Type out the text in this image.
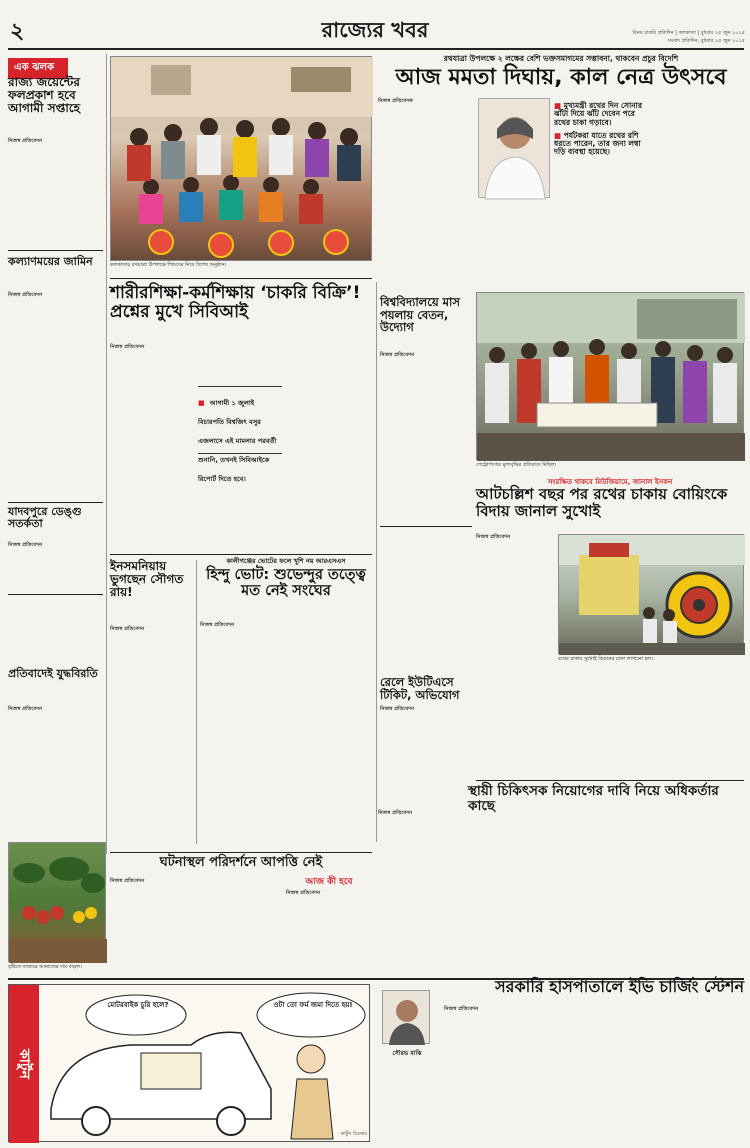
২	রাজ্যের খবর	বিনয় চাকরি প্রতিদিন | কলকাতা | বুধবার ২৫ জুন ২০২৫
সংবাদ প্রতিদিন, বুধবার ২৫ জুন ২০২৫
এক ঝলক
রাজ্য জয়েন্টের ফলপ্রকাশ হবে আগামী সপ্তাহে
নিজস্ব প্রতিবেদন
কল্যাণময়ের জামিন
নিজস্ব প্রতিবেদন
যাদবপুরে ডেঙ্গু সতর্কতা
নিজস্ব প্রতিবেদন
প্রতিবাদেই যুদ্ধবিরতি
নিজস্ব প্রতিবেদন
কলকাতার রথযাত্রা উপলক্ষে শিশুদের নিয়ে বিশেষ অনুষ্ঠান।
রথযাত্রা উপলক্ষে ২ লক্ষের বেশি ভক্তসমাগমের সম্ভাবনা, থাকবেন প্রচুর বিদেশি
আজ মমতা দিঘায়, কাল নেত্র উৎসবে
নিজস্ব প্রতিবেদক	■ মুখ্যমন্ত্রী রথের দিন সোনার ঝাঁটা দিয়ে ঝাঁট দেবেন পরে রথের চাকা গড়াবে।
■ পর্যটকরা যাতে রথের রশি ধরতে পারেন, তার জন্য লম্বা দড়ি ব্যবস্থা হয়েছে।
শারীরশিক্ষা-কর্মশিক্ষায় ‘চাকরি বিক্রি’! প্রশ্নের মুখে সিবিআই
নিজস্ব প্রতিবেদন
■ আগামী ১ জুলাই বিচারপতি বিশ্বজিৎ বসুর এজলাসে এই মামলার পরবর্তী শুনানি, তখনই সিবিআইকে রিপোর্ট দিতে হবে।
বিশ্ববিদ্যালয়ে মাস পয়লায় বেতন, উদ্যোগ
নিজস্ব প্রতিবেদন
পেট্রোপণ্যের মূল্যবৃদ্ধির প্রতিবাদে মিছিল।
সংরক্ষিত থাকবে মিউজিয়ামে, জানাল ইসকন
আটচল্লিশ বছর পর রথের চাকায় বোয়িংকে বিদায় জানাল সুখোই
নিজস্ব প্রতিবেদন
রথের চাকায় সুখোই বিমানের চাকা লাগানো হল।
ইনসমনিয়ায় ভুগছেন সৌগত রায়!
নিজস্ব প্রতিবেদন
কালীগঞ্জের ভোটের ফলে খুশি নয় আরএসএস
হিন্দু ভোট: শুভেন্দুর তত্ত্বে মত নেই সংঘের
নিজস্ব প্রতিবেদন
রেলে ইউটিএসে টিকিট, অভিযোগ
নিজস্ব প্রতিবেদন
স্থায়ী চিকিৎসক নিয়োগের দাবি নিয়ে অধিকর্তার কাছে
নিজস্ব প্রতিবেদন
বৃষ্টিতে বাজারে আনাজের দাম বাড়ল।
ঘটনাস্থল পরিদর্শনে আপত্তি নেই
নিজস্ব প্রতিবেদন	আজ কী হবে
নিজস্ব প্রতিবেদন
কার্টুন
মোটরবাইক চুরি হলে?	ওটা তো ফর্ম জমা দিতে হয়!
কার্টুন চিত্রকর
সৌরভ মাঝি
সরকারি হাসপাতালে ইভি চার্জিং স্টেশন
নিজস্ব প্রতিবেদন
